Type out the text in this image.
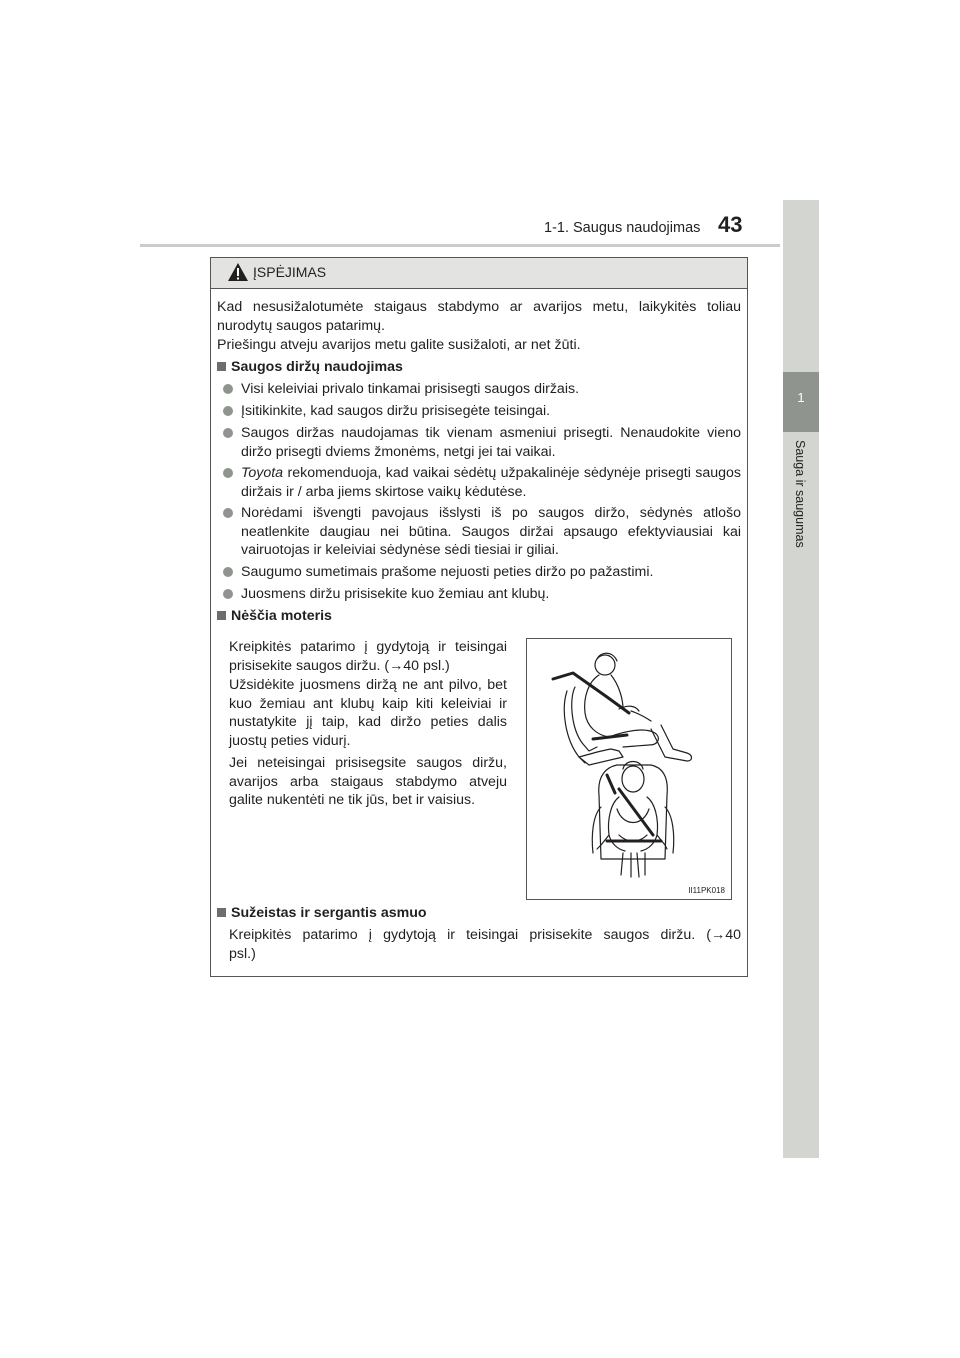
1-1. Saugus naudojimas 43
1
Sauga ir saugumas
ĮSPĖJIMAS
Kad nesusižalotumėte staigaus stabdymo ar avarijos metu, laikykitės toliau
nurodytų saugos patarimų.
Priešingu atveju avarijos metu galite susižaloti, ar net žūti.
Saugos diržų naudojimas
Visi keleiviai privalo tinkamai prisisegti saugos diržais.
Įsitikinkite, kad saugos diržu prisisegėte teisingai.
Saugos diržas naudojamas tik vienam asmeniui prisegti. Nenaudokite vieno diržo prisegti dviems žmonėms, netgi jei tai vaikai.
Toyota rekomenduoja, kad vaikai sėdėtų užpakalinėje sėdynėje prisegti saugos diržais ir / arba jiems skirtose vaikų kėdutėse.
Norėdami išvengti pavojaus išslysti iš po saugos diržo, sėdynės atlošo neatlenkite daugiau nei būtina. Saugos diržai apsaugo efektyviausiai kai vairuotojas ir keleiviai sėdynėse sėdi tiesiai ir giliai.
Saugumo sumetimais prašome nejuosti peties diržo po pažastimi.
Juosmens diržu prisisekite kuo žemiau ant klubų.
Nėščia moteris
Kreipkitės patarimo į gydytoją ir teisingai prisisekite saugos diržu. (→40 psl.)
Užsidėkite juosmens diržą ne ant pilvo, bet kuo žemiau ant klubų kaip kiti keleiviai ir nustatykite jį taip, kad diržo peties dalis juostų peties vidurį.
Jei neteisingai prisisegsite saugos diržu, avarijos arba staigaus stabdymo atveju galite nukentėti ne tik jūs, bet ir vaisius.
II11PK018
Sužeistas ir sergantis asmuo
Kreipkitės patarimo į gydytoją ir teisingai prisisekite saugos diržu. (→40
psl.)
